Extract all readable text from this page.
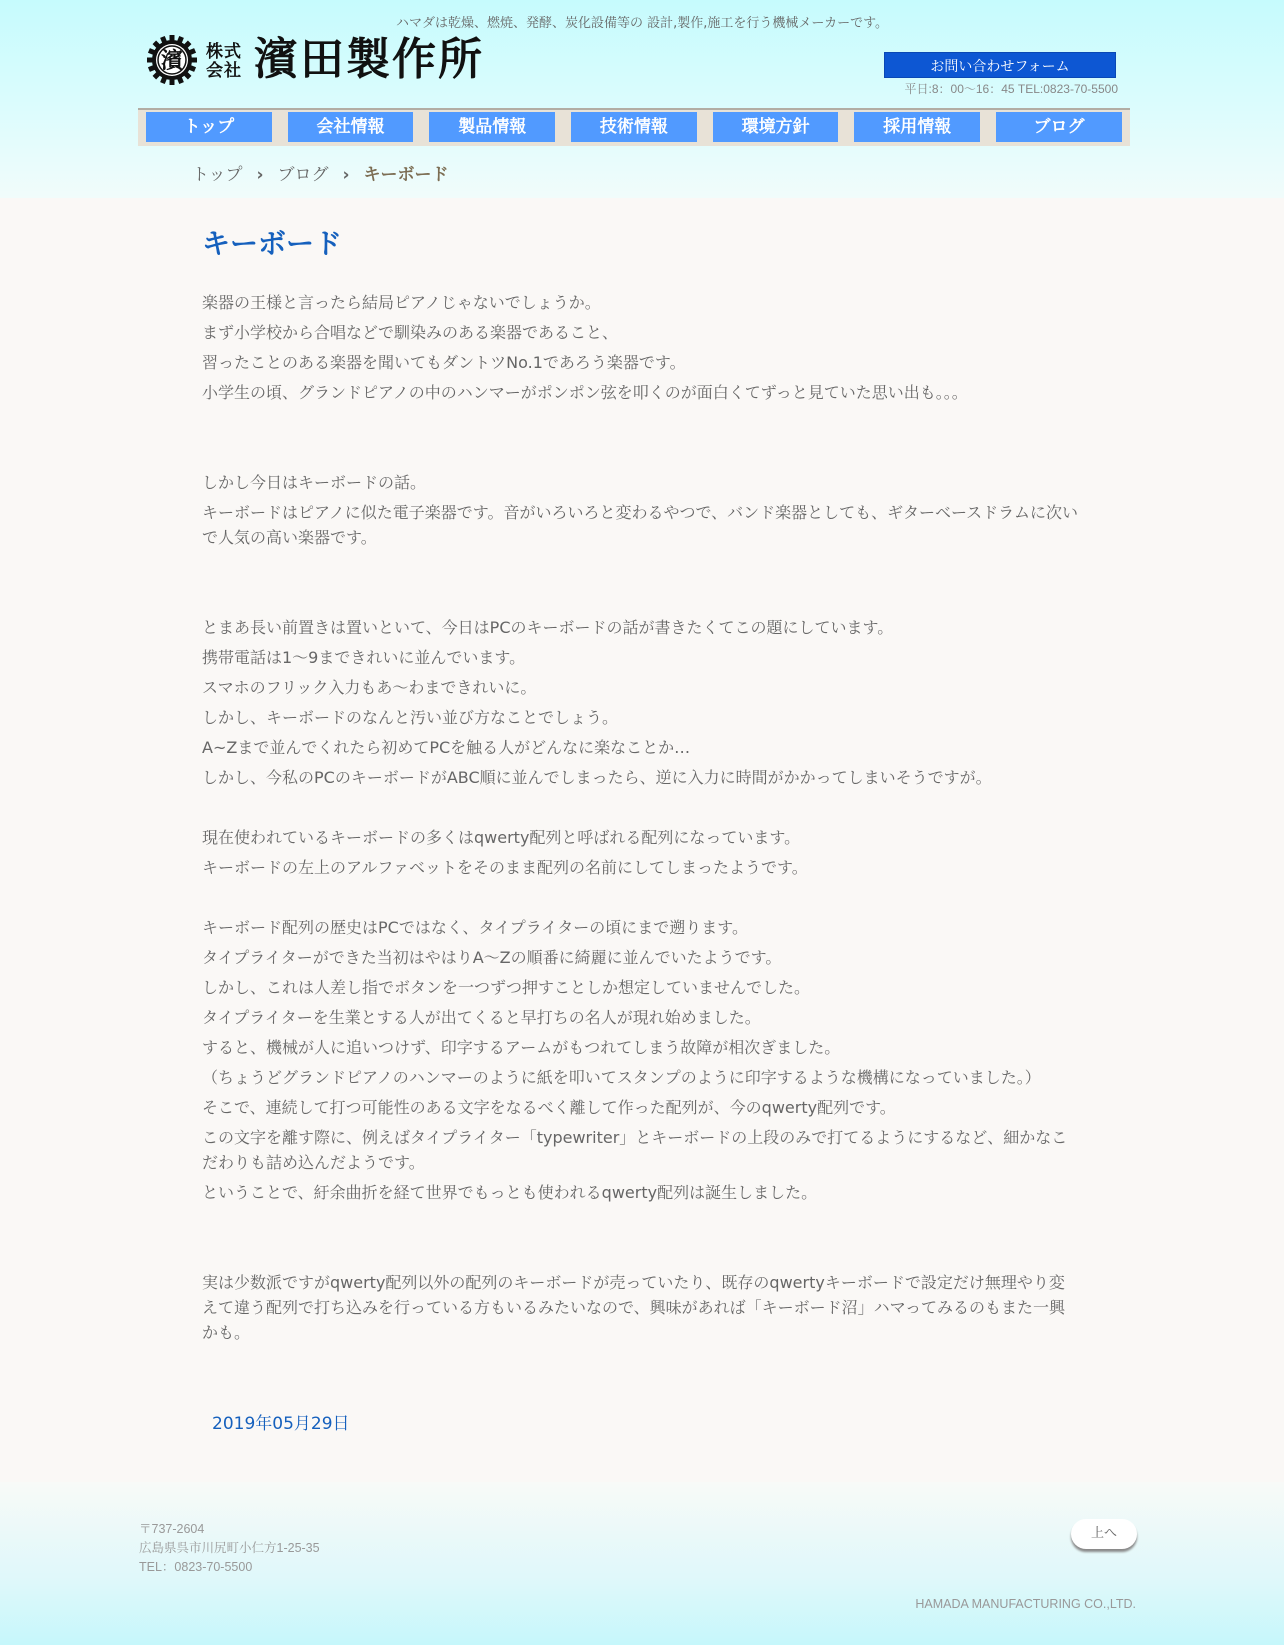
ハマダは乾燥、燃焼、発酵、炭化設備等の 設計,製作,施工を行う機械メーカーです。
濱 株式会社 濱田製作所	お問い合わせフォーム
平日:8：00～16：45 TEL:0823-70-5500
トップ	会社情報	製品情報	技術情報	環境方針	採用情報	ブログ
トップ › ブログ › キーボード
キーボード

楽器の王様と言ったら結局ピアノじゃないでしょうか。

まず小学校から合唱などで馴染みのある楽器であること、

習ったことのある楽器を聞いてもダントツNo.1であろう楽器です。

小学生の頃、グランドピアノの中のハンマーがポンポン弦を叩くのが面白くてずっと見ていた思い出も。。。

しかし今日はキーボードの話。

キーボードはピアノに似た電子楽器です。音がいろいろと変わるやつで、バンド楽器としても、ギターベースドラムに次いで人気の高い楽器です。

とまあ長い前置きは置いといて、今日はPCのキーボードの話が書きたくてこの題にしています。

携帯電話は1～9まできれいに並んでいます。

スマホのフリック入力もあ～わまできれいに。

しかし、キーボードのなんと汚い並び方なことでしょう。

A~Zまで並んでくれたら初めてPCを触る人がどんなに楽なことか…

しかし、今私のPCのキーボードがABC順に並んでしまったら、逆に入力に時間がかかってしまいそうですが。

現在使われているキーボードの多くはqwerty配列と呼ばれる配列になっています。

キーボードの左上のアルファベットをそのまま配列の名前にしてしまったようです。

キーボード配列の歴史はPCではなく、タイプライターの頃にまで遡ります。

タイプライターができた当初はやはりA～Zの順番に綺麗に並んでいたようです。

しかし、これは人差し指でボタンを一つずつ押すことしか想定していませんでした。

タイプライターを生業とする人が出てくると早打ちの名人が現れ始めました。

すると、機械が人に追いつけず、印字するアームがもつれてしまう故障が相次ぎました。

（ちょうどグランドピアノのハンマーのように紙を叩いてスタンプのように印字するような機構になっていました。）

そこで、連続して打つ可能性のある文字をなるべく離して作った配列が、今のqwerty配列です。

この文字を離す際に、例えばタイプライター「typewriter」とキーボードの上段のみで打てるようにするなど、細かなこだわりも詰め込んだようです。

ということで、紆余曲折を経て世界でもっとも使われるqwerty配列は誕生しました。

実は少数派ですがqwerty配列以外の配列のキーボードが売っていたり、既存のqwertyキーボードで設定だけ無理やり変えて違う配列で打ち込みを行っている方もいるみたいなので、興味があれば「キーボード沼」ハマってみるのもまた一興かも。

2019年05月29日
〒737-2604
広島県呉市川尻町小仁方1-25-35
TEL：0823-70-5500
上へ
HAMADA MANUFACTURING CO.,LTD.
